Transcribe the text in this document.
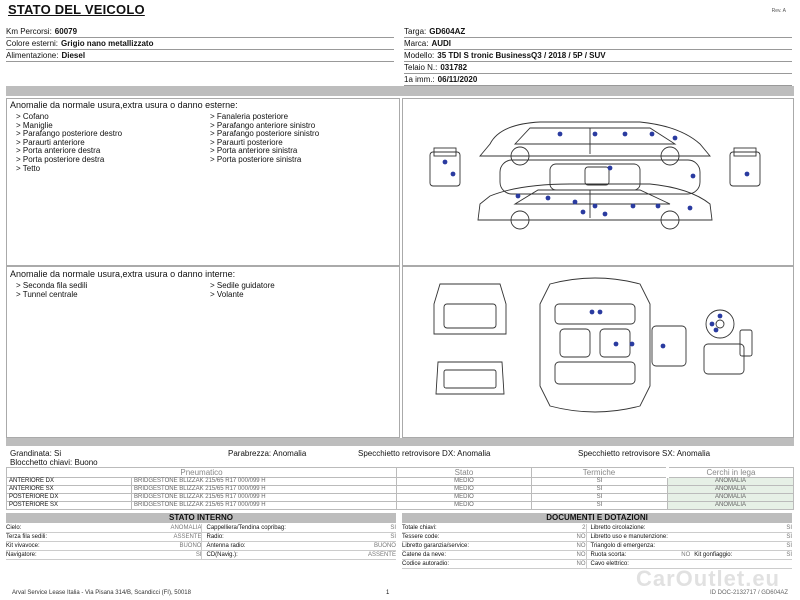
STATO DEL VEICOLO	Rev. A
Km Percorsi: 60079
Colore esterni: Grigio nano metallizzato
Alimentazione: Diesel
Targa: GD604AZ
Marca: AUDI
Modello: 35 TDI S tronic BusinessQ3 / 2018 / 5P / SUV
Telaio N.: 031782
1a imm.: 06/11/2020
Anomalie da normale usura,extra usura o danno esterne:
> Cofano
> Maniglie
> Parafango posteriore destro
> Paraurti anteriore
> Porta anteriore destra
> Porta posteriore destra
> Tetto
> Fanaleria posteriore
> Parafango anteriore sinistro
> Parafango posteriore sinistro
> Paraurti posteriore
> Porta anteriore sinistra
> Porta posteriore sinistra
Anomalie da normale usura,extra usura o danno interne:
> Seconda fila sedili
> Tunnel centrale
> Sedile guidatore
> Volante
Grandinata: Si	Parabrezza: Anomalia	Specchietto retrovisore DX: Anomalia	Specchietto retrovisore SX: Anomalia
Blocchetto chiavi: Buono
Pneumatico		Stato	Termiche	Cerchi in lega
ANTERIORE DX	BRIDGESTONE BLIZZAK 215/65 R17 000/099 H	MEDIO	SI	ANOMALIA
ANTERIORE SX	BRIDGESTONE BLIZZAK 215/65 R17 000/099 H	MEDIO	SI	ANOMALIA
POSTERIORE DX	BRIDGESTONE BLIZZAK 215/65 R17 000/099 H	MEDIO	SI	ANOMALIA
POSTERIORE SX	BRIDGESTONE BLIZZAK 215/65 R17 000/099 H	MEDIO	SI	ANOMALIA
STATO INTERNO
Cielo:	ANOMALIA Cappelliera/Tendina copribag:	SI
Terza fila sedili:	ASSENTE Radio:	SI
Kit vivavoce:	BUONO Antenna radio:	BUONO
Navigatore:	SI CD(Navig.):	ASSENTE
DOCUMENTI E DOTAZIONI
Totale chiavi:	2 Libretto circolazione:	SI
Tessere code:	NO Libretto uso e manutenzione:	SI
Libretto garanzia/service:	NO Triangolo di emergenza:	SI
Catene da neve:	NO Ruota scorta:	NO Kit gonfiaggio:	SI
Codice autoradio:	NO Cavo elettrico:
CarOutlet.eu
Arval Service Lease Italia - Via Pisana 314/B, Scandicci (FI), 50018	1	ID DOC-2132717 / GD604AZ
